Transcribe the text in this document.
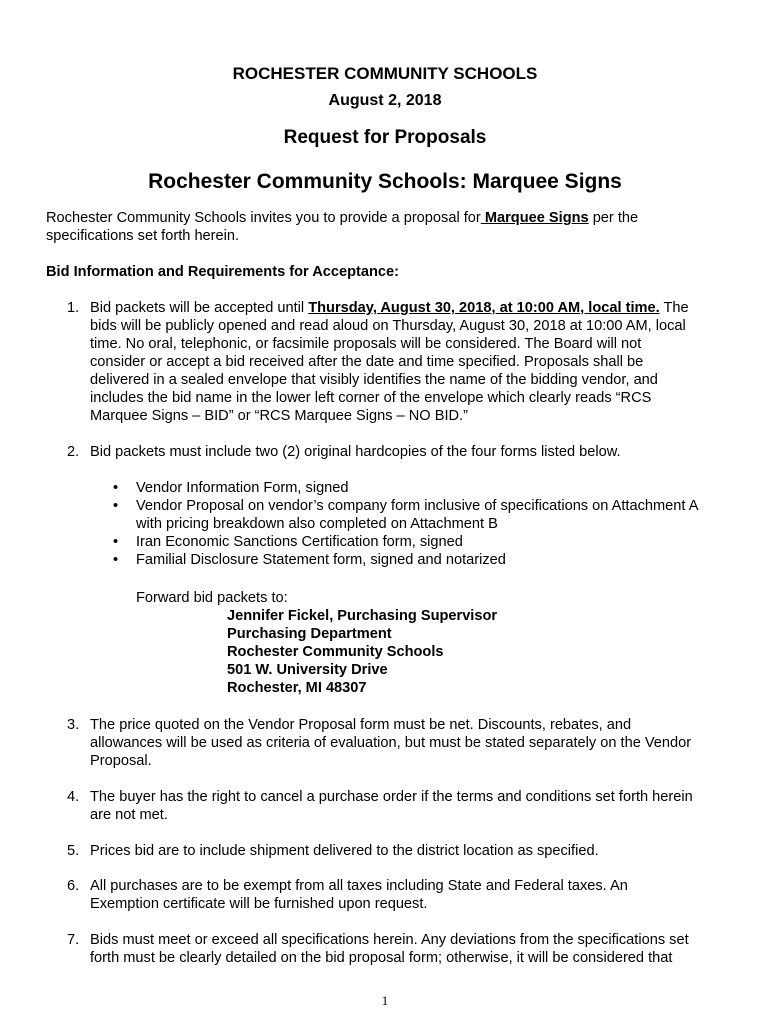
ROCHESTER COMMUNITY SCHOOLS
August 2, 2018
Request for Proposals
Rochester Community Schools: Marquee Signs
Rochester Community Schools invites you to provide a proposal for Marquee Signs per the
specifications set forth herein.
Bid Information and Requirements for Acceptance:
1. Bid packets will be accepted until Thursday, August 30, 2018, at 10:00 AM, local time. The
bids will be publicly opened and read aloud on Thursday, August 30, 2018 at 10:00 AM, local
time. No oral, telephonic, or facsimile proposals will be considered. The Board will not
consider or accept a bid received after the date and time specified. Proposals shall be
delivered in a sealed envelope that visibly identifies the name of the bidding vendor, and
includes the bid name in the lower left corner of the envelope which clearly reads “RCS
Marquee Signs – BID” or “RCS Marquee Signs – NO BID.”
2. Bid packets must include two (2) original hardcopies of the four forms listed below.
• Vendor Information Form, signed
• Vendor Proposal on vendor’s company form inclusive of specifications on Attachment A
with pricing breakdown also completed on Attachment B
• Iran Economic Sanctions Certification form, signed
• Familial Disclosure Statement form, signed and notarized
Forward bid packets to:
Jennifer Fickel, Purchasing Supervisor
Purchasing Department
Rochester Community Schools
501 W. University Drive
Rochester, MI 48307
3. The price quoted on the Vendor Proposal form must be net. Discounts, rebates, and
allowances will be used as criteria of evaluation, but must be stated separately on the Vendor
Proposal.
4. The buyer has the right to cancel a purchase order if the terms and conditions set forth herein
are not met.
5. Prices bid are to include shipment delivered to the district location as specified.
6. All purchases are to be exempt from all taxes including State and Federal taxes. An
Exemption certificate will be furnished upon request.
7. Bids must meet or exceed all specifications herein. Any deviations from the specifications set
forth must be clearly detailed on the bid proposal form; otherwise, it will be considered that
1
